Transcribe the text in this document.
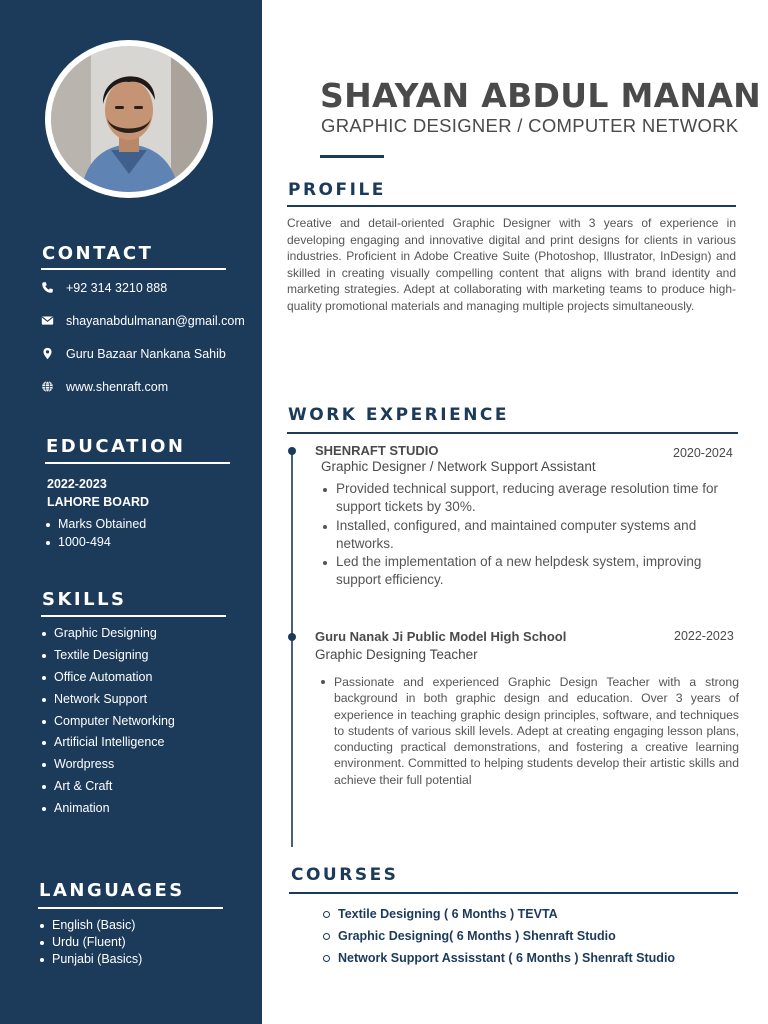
CONTACT
+92 314 3210 888
shayanabdulmanan@gmail.com
Guru Bazaar Nankana Sahib
www.shenraft.com
EDUCATION
2022-2023
LAHORE BOARD
Marks Obtained
1000-494
SKILLS
Graphic Designing
Textile Designing
Office Automation
Network Support
Computer Networking
Artificial Intelligence
Wordpress
Art & Craft
Animation
LANGUAGES
English (Basic)
Urdu (Fluent)
Punjabi (Basics)
SHAYAN ABDUL MANAN
GRAPHIC DESIGNER / COMPUTER NETWORK
PROFILE
Creative and detail-oriented Graphic Designer with 3 years of experience in developing engaging and innovative digital and print designs for clients in various industries. Proficient in Adobe Creative Suite (Photoshop, Illustrator, InDesign) and skilled in creating visually compelling content that aligns with brand identity and marketing strategies. Adept at collaborating with marketing teams to produce high-quality promotional materials and managing multiple projects simultaneously.
WORK EXPERIENCE
SHENRAFT STUDIO	2020-2024
Graphic Designer / Network Support Assistant
Provided technical support, reducing average resolution time for support tickets by 30%.
Installed, configured, and maintained computer systems and networks.
Led the implementation of a new helpdesk system, improving support efficiency.
Guru Nanak Ji Public Model High School	2022-2023
Graphic Designing Teacher
Passionate and experienced Graphic Design Teacher with a strong background in both graphic design and education. Over 3 years of experience in teaching graphic design principles, software, and techniques to students of various skill levels. Adept at creating engaging lesson plans, conducting practical demonstrations, and fostering a creative learning environment. Committed to helping students develop their artistic skills and achieve their full potential
COURSES
Textile Designing ( 6 Months ) TEVTA
Graphic Designing( 6 Months ) Shenraft Studio
Network Support Assisstant ( 6 Months ) Shenraft Studio
